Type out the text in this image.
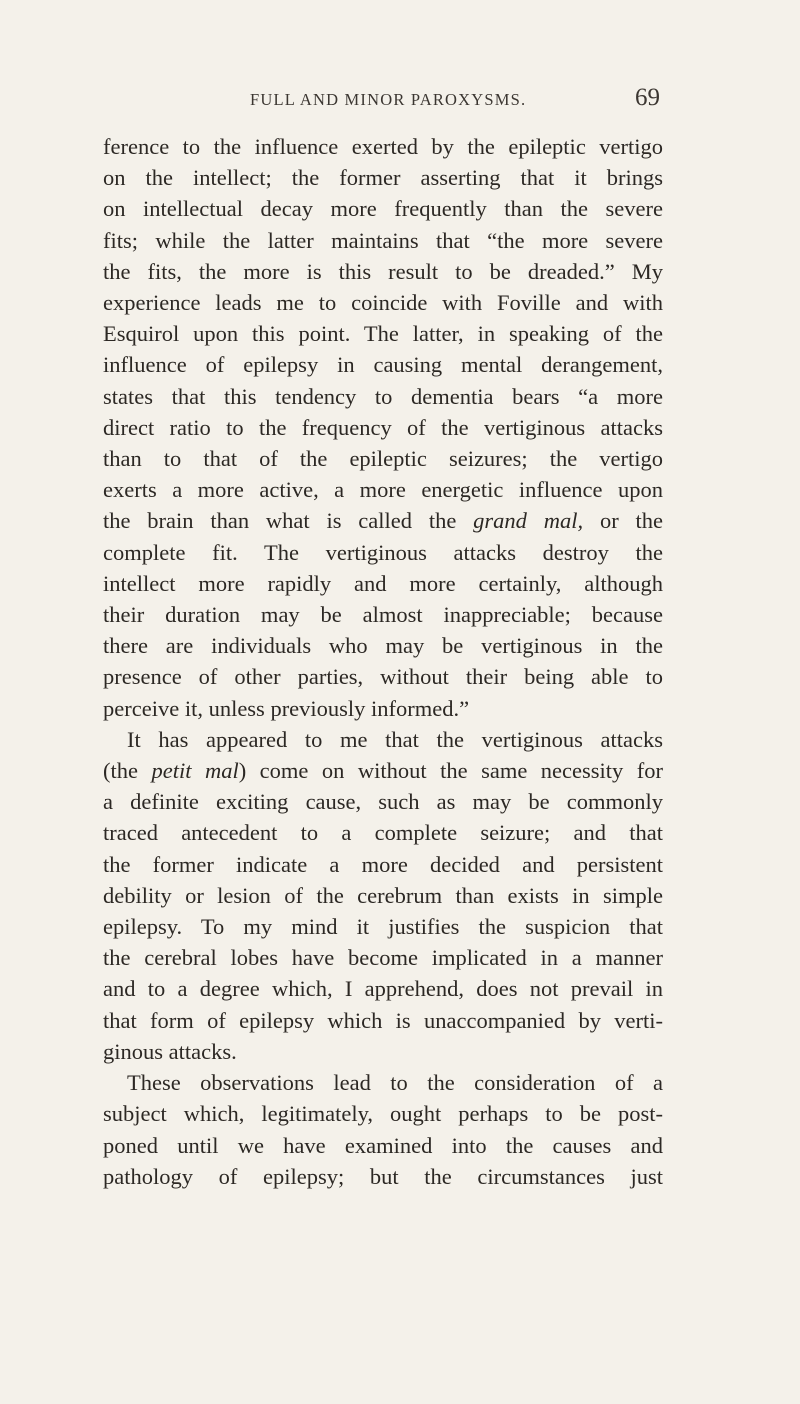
FULL AND MINOR PAROXYSMS.	69
ference to the influence exerted by the epileptic vertigo
on the intellect; the former asserting that it brings
on intellectual decay more frequently than the severe
fits; while the latter maintains that “the more severe
the fits, the more is this result to be dreaded.” My
experience leads me to coincide with Foville and with
Esquirol upon this point. The latter, in speaking of the
influence of epilepsy in causing mental derangement,
states that this tendency to dementia bears “a more
direct ratio to the frequency of the vertiginous attacks
than to that of the epileptic seizures; the vertigo
exerts a more active, a more energetic influence upon
the brain than what is called the grand mal, or the
complete fit. The vertiginous attacks destroy the
intellect more rapidly and more certainly, although
their duration may be almost inappreciable; because
there are individuals who may be vertiginous in the
presence of other parties, without their being able to
perceive it, unless previously informed.”
It has appeared to me that the vertiginous attacks
(the petit mal) come on without the same necessity for
a definite exciting cause, such as may be commonly
traced antecedent to a complete seizure; and that
the former indicate a more decided and persistent
debility or lesion of the cerebrum than exists in simple
epilepsy. To my mind it justifies the suspicion that
the cerebral lobes have become implicated in a manner
and to a degree which, I apprehend, does not prevail in
that form of epilepsy which is unaccompanied by verti-
ginous attacks.
These observations lead to the consideration of a
subject which, legitimately, ought perhaps to be post-
poned until we have examined into the causes and
pathology of epilepsy; but the circumstances just
